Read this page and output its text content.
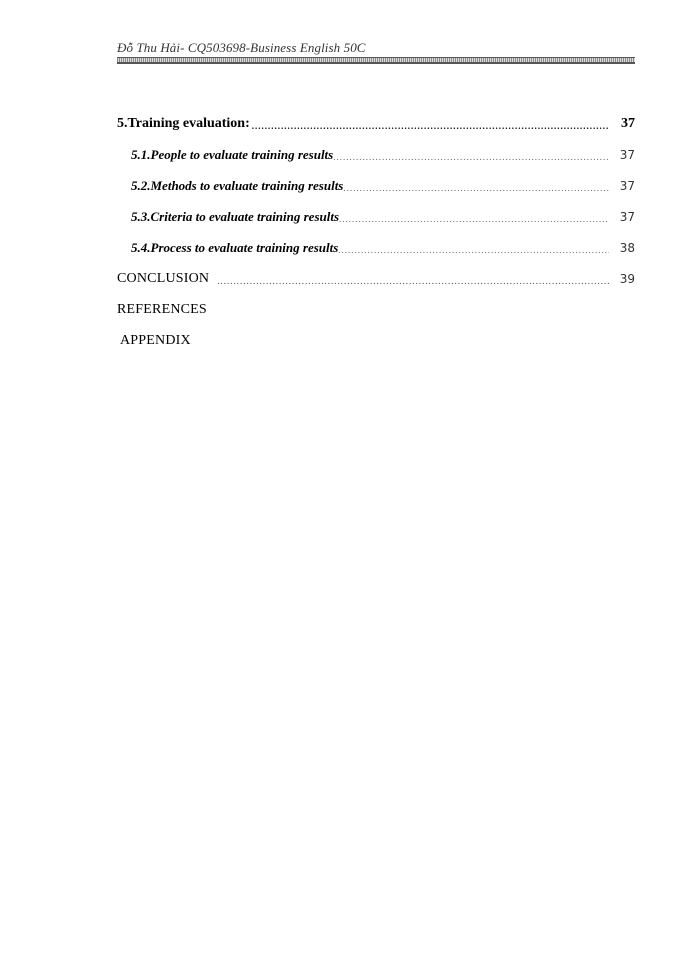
Đỗ Thu Hải- CQ503698-Business English 50C
5.Training evaluation: .....	37
5.1.People to evaluate training results .....	37
5.2.Methods to evaluate training results .....	37
5.3.Criteria to evaluate training results .....	37
5.4.Process to evaluate training results .....	38
CONCLUSION .....	39
REFERENCES
APPENDIX
